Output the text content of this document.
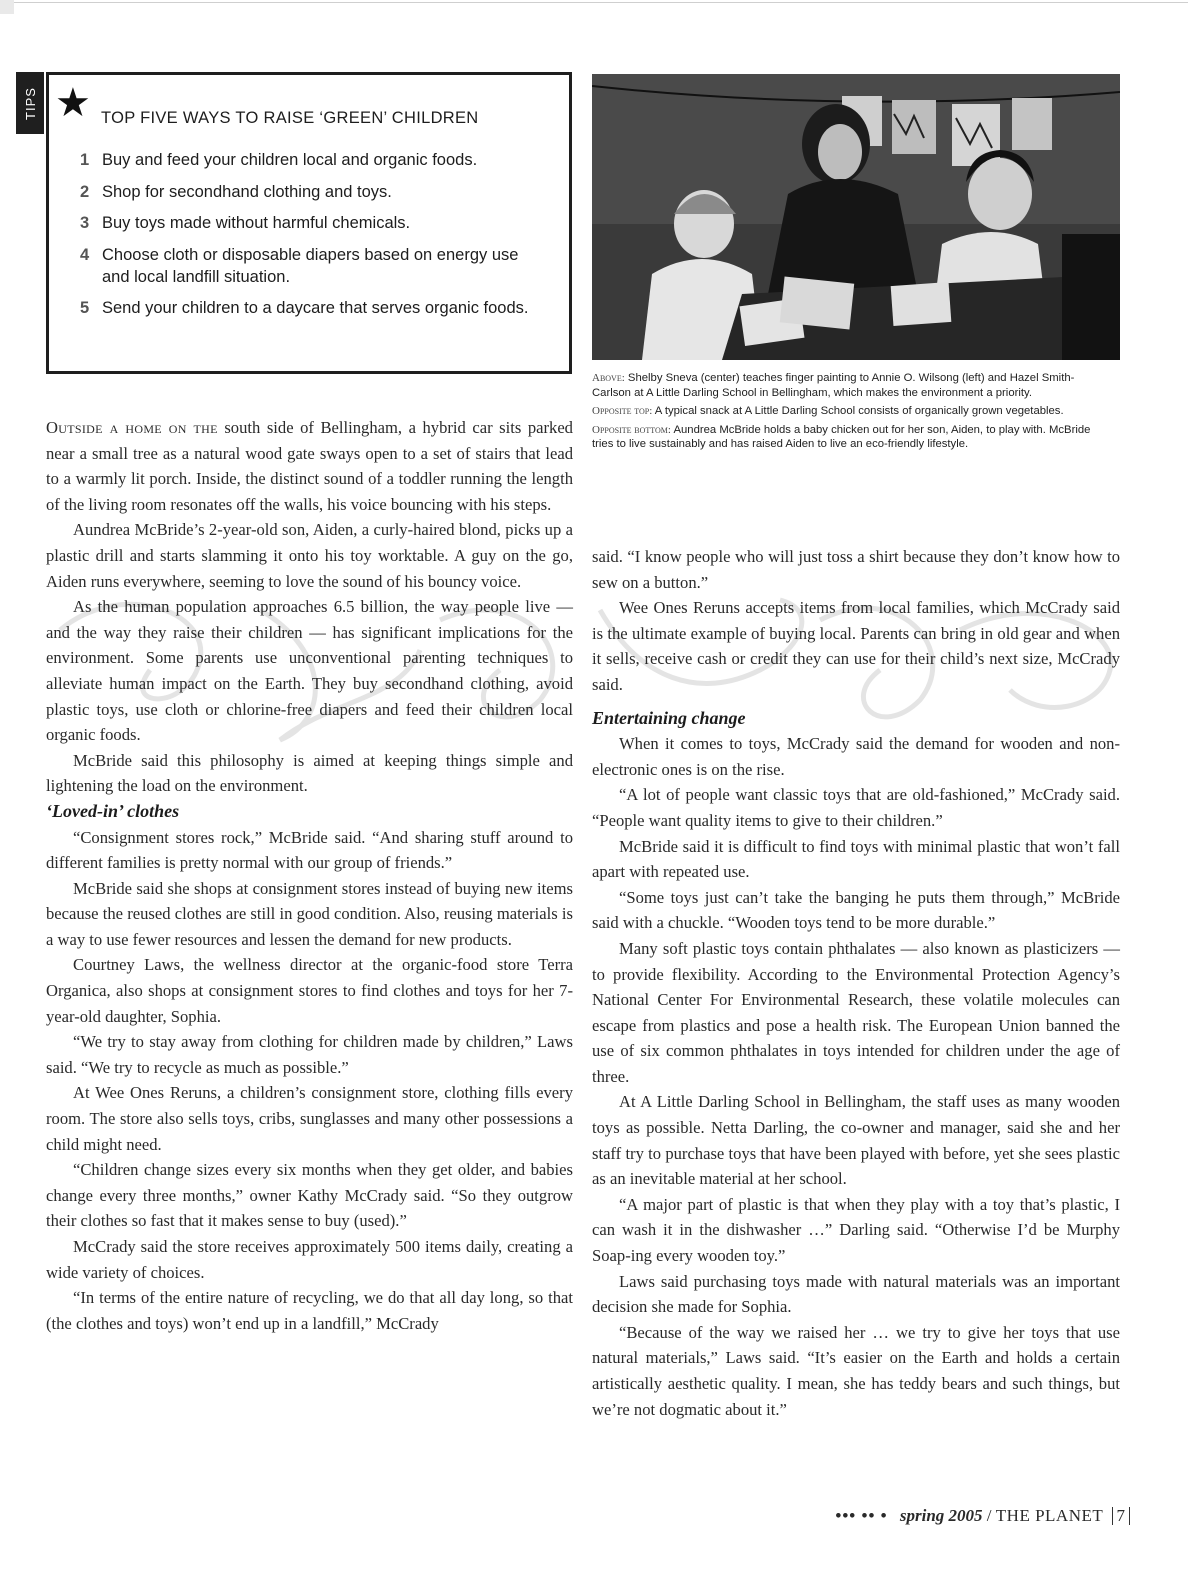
TIPS ★ TOP FIVE WAYS TO RAISE ‘GREEN’ CHILDREN
1 Buy and feed your children local and organic foods.
2 Shop for secondhand clothing and toys.
3 Buy toys made without harmful chemicals.
4 Choose cloth or disposable diapers based on energy use and local landfill situation.
5 Send your children to a daycare that serves organic foods.

Above: Shelby Sneva (center) teaches finger painting to Annie O. Wilsong (left) and Hazel Smith-Carlson at A Little Darling School in Bellingham, which makes the environment a priority.

Opposite top: A typical snack at A Little Darling School consists of organically grown vegetables.

Opposite bottom: Aundrea McBride holds a baby chicken out for her son, Aiden, to play with. McBride tries to live sustainably and has raised Aiden to live an eco-friendly lifestyle.

Outside a home on the south side of Bellingham, a hybrid car sits parked near a small tree as a natural wood gate sways open to a set of stairs that lead to a warmly lit porch. Inside, the distinct sound of a toddler running the length of the living room resonates off the walls, his voice bouncing with his steps.

Aundrea McBride’s 2-year-old son, Aiden, a curly-haired blond, picks up a plastic drill and starts slamming it onto his toy worktable. A guy on the go, Aiden runs everywhere, seeming to love the sound of his bouncy voice.

As the human population approaches 6.5 billion, the way people live — and the way they raise their children — has significant implications for the environment. Some parents use unconventional parenting techniques to alleviate human impact on the Earth. They buy secondhand clothing, avoid plastic toys, use cloth or chlorine-free diapers and feed their children local organic foods.

McBride said this philosophy is aimed at keeping things simple and lightening the load on the environment.

‘Loved-in’ clothes

“Consignment stores rock,” McBride said. “And sharing stuff around to different families is pretty normal with our group of friends.”

McBride said she shops at consignment stores instead of buying new items because the reused clothes are still in good condition. Also, reusing materials is a way to use fewer resources and lessen the demand for new products.

Courtney Laws, the wellness director at the organic-food store Terra Organica, also shops at consignment stores to find clothes and toys for her 7-year-old daughter, Sophia.

“We try to stay away from clothing for children made by children,” Laws said. “We try to recycle as much as possible.”

At Wee Ones Reruns, a children’s consignment store, clothing fills every room. The store also sells toys, cribs, sunglasses and many other possessions a child might need.

“Children change sizes every six months when they get older, and babies change every three months,” owner Kathy McCrady said. “So they outgrow their clothes so fast that it makes sense to buy (used).”

McCrady said the store receives approximately 500 items daily, creating a wide variety of choices.

“In terms of the entire nature of recycling, we do that all day long, so that (the clothes and toys) won’t end up in a landfill,” McCrady

said. “I know people who will just toss a shirt because they don’t know how to sew on a button.”

Wee Ones Reruns accepts items from local families, which McCrady said is the ultimate example of buying local. Parents can bring in old gear and when it sells, receive cash or credit they can use for their child’s next size, McCrady said.

Entertaining change

When it comes to toys, McCrady said the demand for wooden and non-electronic ones is on the rise.

“A lot of people want classic toys that are old-fashioned,” McCrady said. “People want quality items to give to their children.”

McBride said it is difficult to find toys with minimal plastic that won’t fall apart with repeated use.

“Some toys just can’t take the banging he puts them through,” McBride said with a chuckle. “Wooden toys tend to be more durable.”

Many soft plastic toys contain phthalates — also known as plasticizers — to provide flexibility. According to the Environmental Protection Agency’s National Center For Environmental Research, these volatile molecules can escape from plastics and pose a health risk. The European Union banned the use of six common phthalates in toys intended for children under the age of three.

At A Little Darling School in Bellingham, the staff uses as many wooden toys as possible. Netta Darling, the co-owner and manager, said she and her staff try to purchase toys that have been played with before, yet she sees plastic as an inevitable material at her school.

“A major part of plastic is that when they play with a toy that’s plastic, I can wash it in the dishwasher …” Darling said. “Otherwise I’d be Murphy Soap-ing every wooden toy.”

Laws said purchasing toys made with natural materials was an important decision she made for Sophia.

“Because of the way we raised her … we try to give her toys that use natural materials,” Laws said. “It’s easier on the Earth and holds a certain artistically aesthetic quality. I mean, she has teddy bears and such things, but we’re not dogmatic about it.”

••• •• • spring 2005 / THE PLANET 7
